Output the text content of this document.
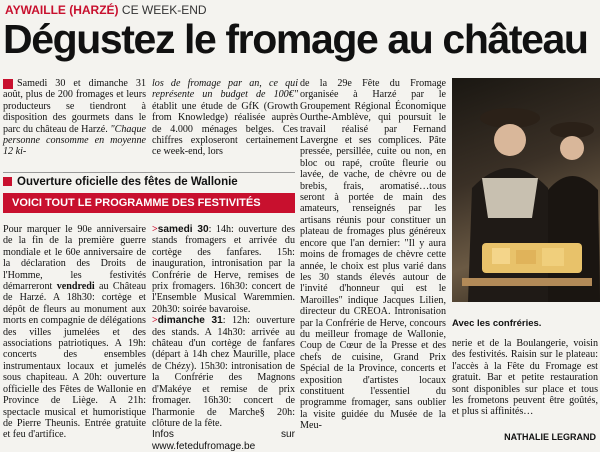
AYWAILLE (HARZÉ) CE WEEK-END
Dégustez le fromage au château

Samedi 30 et dimanche 31 août, plus de 200 fromages et leurs producteurs se tiendront à disposition des gourmets dans le parc du château de Harzé. "Chaque personne consomme en moyenne 12 ki-

los de fromage par an, ce qui représente un budget de 100€" établit une étude de GfK (Growth from Knowledge) réalisée auprès de 4.000 ménages belges. Ces chiffres exploseront certainement ce week-end, lors

de la 29e Fête du Fromage organisée à Harzé par le Groupement Régional Économique Ourthe-Amblève, qui poursuit le travail réalisé par Fernand Lavergne et ses complices. Pâte pressée, persillée, cuite ou non, en bloc ou rapé, croûte fleurie ou lavée, de vache, de chèvre ou de brebis, frais, aromatisé…tous seront à portée de main des amateurs, renseignés par les artisans réunis pour constituer un plateau de fromages plus généreux encore que l'an dernier: "Il y aura moins de fromages de chèvre cette année, le choix est plus varié dans les 30 stands élevés autour de l'invité d'honneur qui est le Maroilles" indique Jacques Lilien, directeur du CREOA. Intronisation par la Confrérie de Herve, concours du meilleur fromage de Wallonie, Coup de Cœur de la Presse et des chefs de cuisine, Grand Prix Spécial de la Province, concerts et exposition d'artistes locaux constituent l'essentiel du programme fromager, sans oublier la visite guidée du Musée de la Meu-

Ouverture oficielle des fêtes de Wallonie
VOICI TOUT LE PROGRAMME DES FESTIVITÉS

Pour marquer le 90e anniversaire de la fin de la première guerre mondiale et le 60e anniversaire de la déclaration des Droits de l'Homme, les festivités démarreront vendredi au Château de Harzé. A 18h30: cortège et dépôt de fleurs au monument aux morts en compagnie de délégations des villes jumelées et des associations patriotiques. A 19h: concerts des ensembles instrumentaux locaux et jumelés sous chapiteau. A 20h: ouverture officielle des Fêtes de Wallonie en Province de Liège. A 21h: spectacle musical et humoristique de Pierre Theunis. Entrée gratuite et feu d'artifice.

>samedi 30: 14h: ouverture des stands fromagers et arrivée du cortège des fanfares. 15h: inauguration, intronisation par la Confrérie de Herve, remises de prix fromagers. 16h30: concert de l'Ensemble Musical Waremmien. 20h30: soirée bavaroise.

>dimanche 31: 12h: ouverture des stands. A 14h30: arrivée au château d'un cortège de fanfares (départ à 14h chez Maurille, place de Chézy). 15h30: intronisation de la Confrérie des Magnons d'Makéye et remise de prix fromager. 16h30: concert de l'harmonie de Marche§ 20h: clôture de la fête.

Infos sur www.fetedufromage.be

Avec les confréries.

nerie et de la Boulangerie, voisin des festivités. Raisin sur le plateau: l'accès à la Fête du Fromage est gratuit. Bar et petite restauration sont disponibles sur place et tous les frometons peuvent être goûtés, et plus si affinités…

NATHALIE LEGRAND
